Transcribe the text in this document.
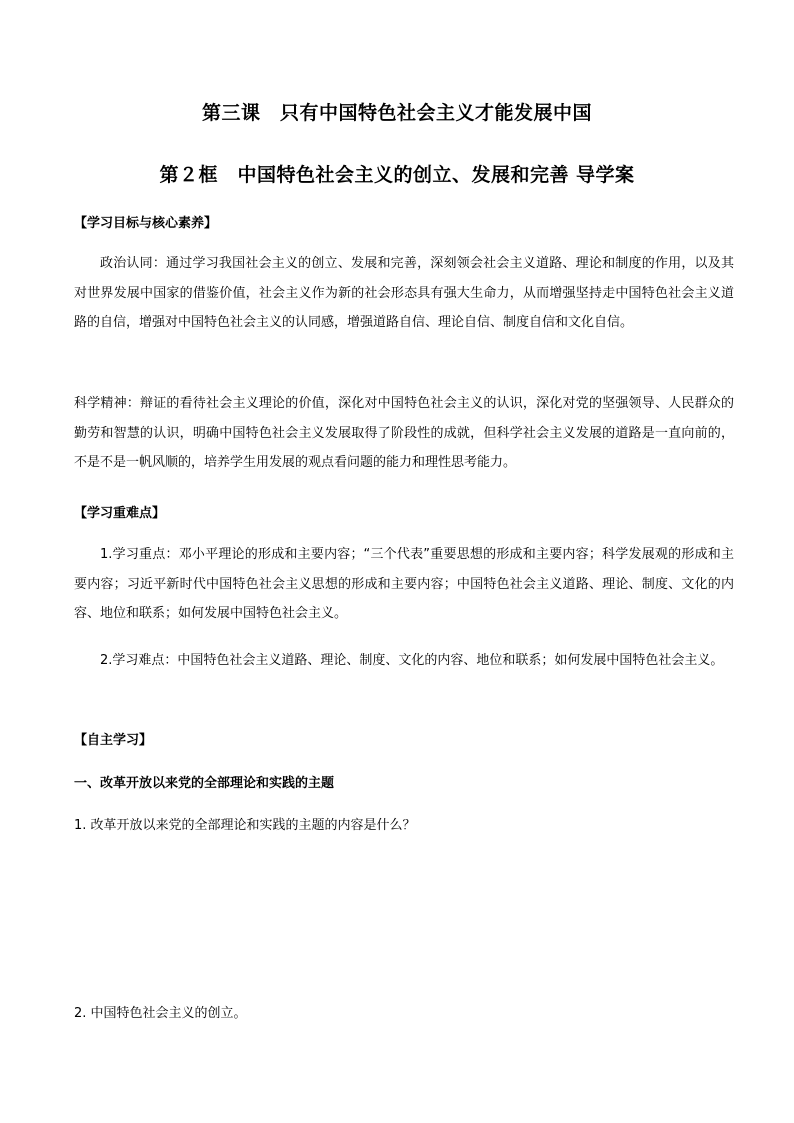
第三课　只有中国特色社会主义才能发展中国
第２框　中国特色社会主义的创立、发展和完善 导学案
【学习目标与核心素养】

政治认同：通过学习我国社会主义的创立、发展和完善，深刻领会社会主义道路、理论和制度的作用，以及其对世界发展中国家的借鉴价值，社会主义作为新的社会形态具有强大生命力，从而增强坚持走中国特色社会主义道路的自信，增强对中国特色社会主义的认同感，增强道路自信、理论自信、制度自信和文化自信。

科学精神：辩证的看待社会主义理论的价值，深化对中国特色社会主义的认识，深化对党的坚强领导、人民群众的勤劳和智慧的认识，明确中国特色社会主义发展取得了阶段性的成就，但科学社会主义发展的道路是一直向前的，不是不是一帆风顺的，培养学生用发展的观点看问题的能力和理性思考能力。

【学习重难点】

1.学习重点：邓小平理论的形成和主要内容；“三个代表”重要思想的形成和主要内容；科学发展观的形成和主要内容；习近平新时代中国特色社会主义思想的形成和主要内容；中国特色社会主义道路、理论、制度、文化的内容、地位和联系；如何发展中国特色社会主义。

2.学习难点：中国特色社会主义道路、理论、制度、文化的内容、地位和联系；如何发展中国特色社会主义。

【自主学习】
一、改革开放以来党的全部理论和实践的主题
1. 改革开放以来党的全部理论和实践的主题的内容是什么？
2. 中国特色社会主义的创立。
